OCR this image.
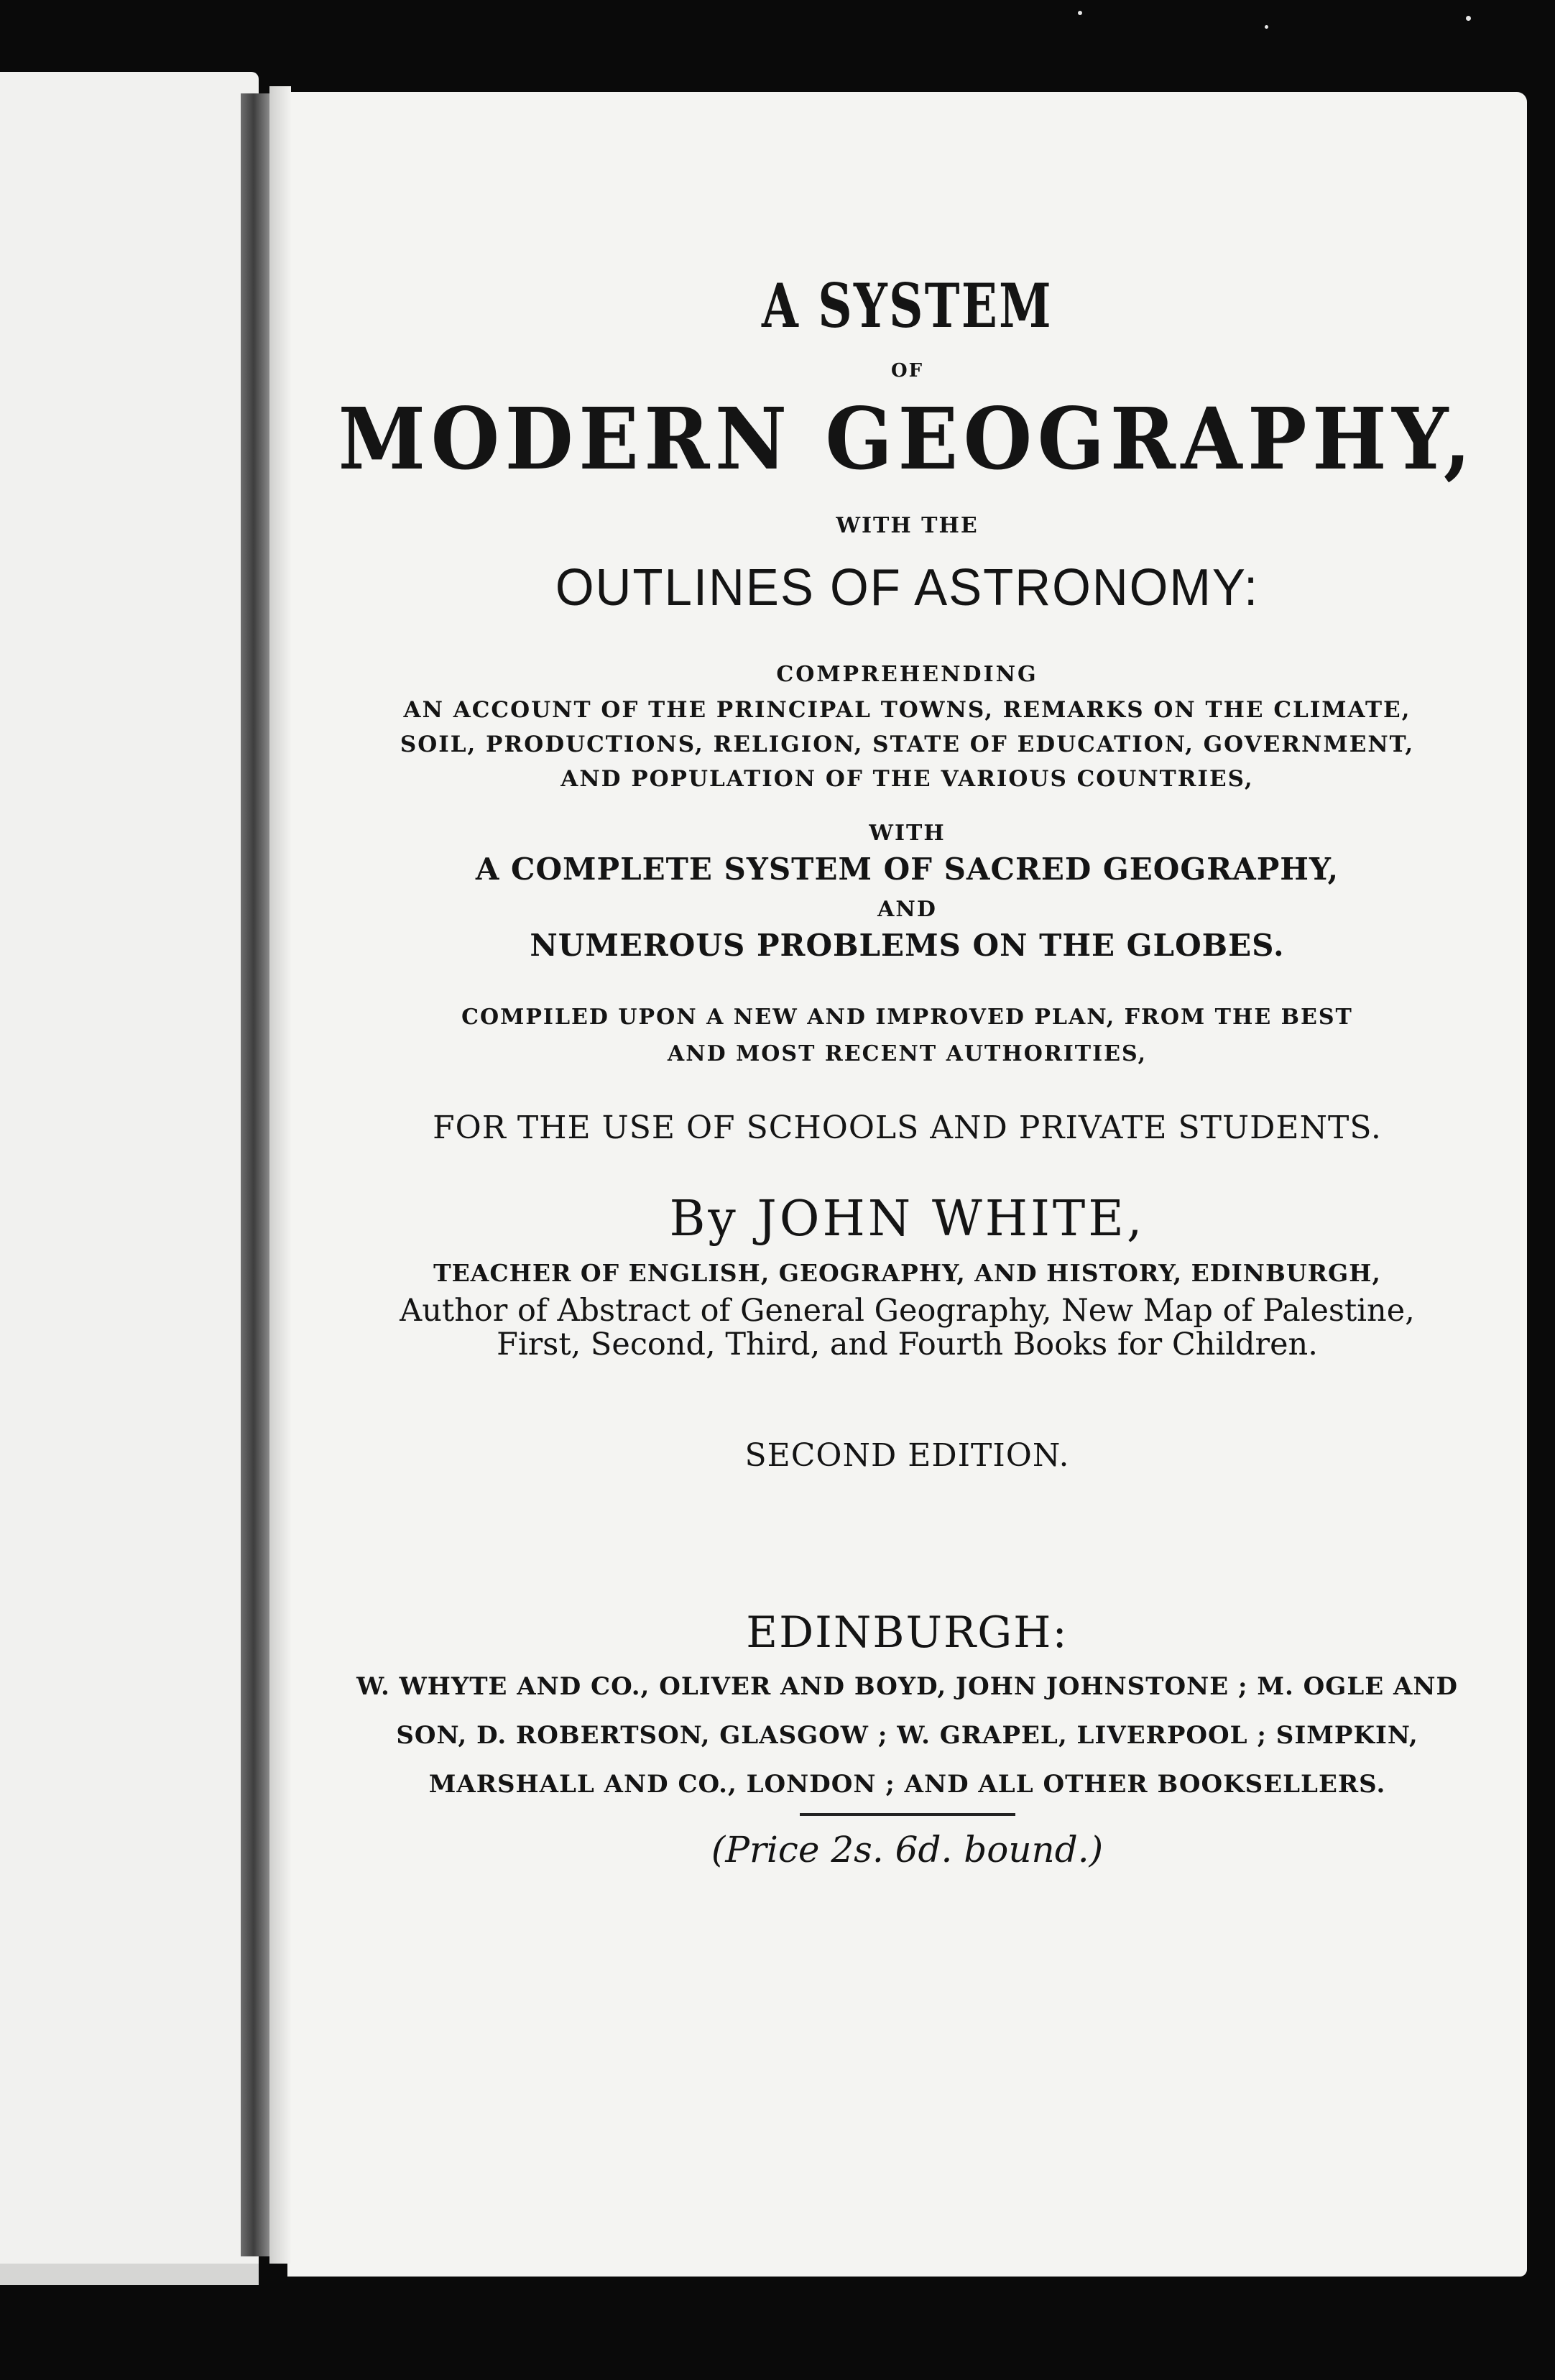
A SYSTEM
OF
MODERN GEOGRAPHY,
WITH THE
OUTLINES OF ASTRONOMY:
COMPREHENDING
AN ACCOUNT OF THE PRINCIPAL TOWNS, REMARKS ON THE CLIMATE,
SOIL, PRODUCTIONS, RELIGION, STATE OF EDUCATION, GOVERNMENT,
AND POPULATION OF THE VARIOUS COUNTRIES,
WITH
A COMPLETE SYSTEM OF SACRED GEOGRAPHY,
AND
NUMEROUS PROBLEMS ON THE GLOBES.
COMPILED UPON A NEW AND IMPROVED PLAN, FROM THE BEST
AND MOST RECENT AUTHORITIES,
FOR THE USE OF SCHOOLS AND PRIVATE STUDENTS.
By JOHN WHITE,
TEACHER OF ENGLISH, GEOGRAPHY, AND HISTORY, EDINBURGH,
Author of Abstract of General Geography, New Map of Palestine,
First, Second, Third, and Fourth Books for Children.
SECOND EDITION.
EDINBURGH:
W. WHYTE AND CO., OLIVER AND BOYD, JOHN JOHNSTONE ; M. OGLE AND
SON, D. ROBERTSON, GLASGOW ; W. GRAPEL, LIVERPOOL ; SIMPKIN,
MARSHALL AND CO., LONDON ; AND ALL OTHER BOOKSELLERS.
(Price 2s. 6d. bound.)
